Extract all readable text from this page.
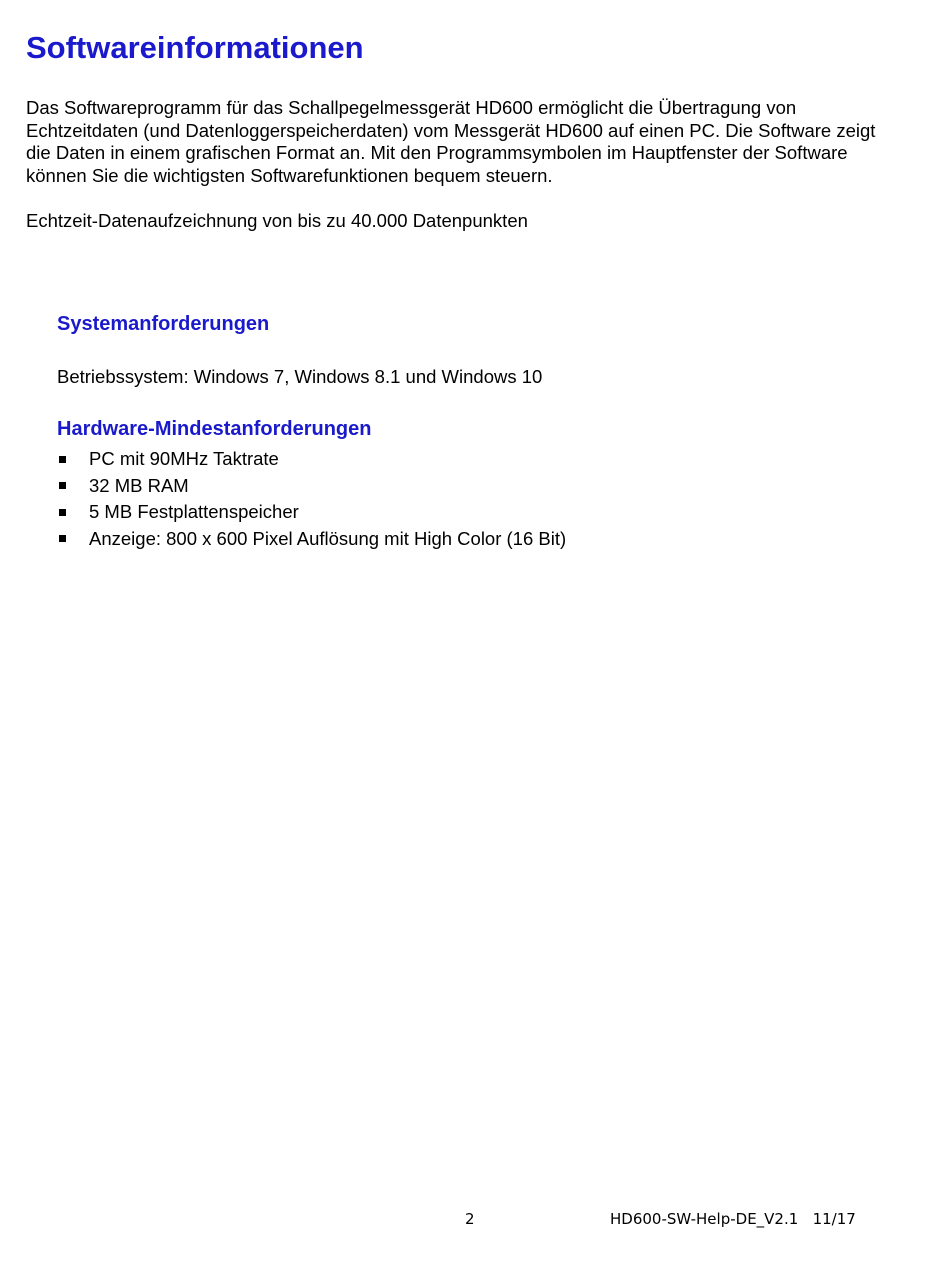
Softwareinformationen

Das Softwareprogramm für das Schallpegelmessgerät HD600 ermöglicht die Übertragung von Echtzeitdaten (und Datenloggerspeicherdaten) vom Messgerät HD600 auf einen PC. Die Software zeigt die Daten in einem grafischen Format an. Mit den Programmsymbolen im Hauptfenster der Software können Sie die wichtigsten Softwarefunktionen bequem steuern.

Echtzeit-Datenaufzeichnung von bis zu 40.000 Datenpunkten

Systemanforderungen

Betriebssystem: Windows 7, Windows 8.1 und Windows 10

Hardware-Mindestanforderungen
PC mit 90MHz Taktrate
32 MB RAM
5 MB Festplattenspeicher
Anzeige: 800 x 600 Pixel Auflösung mit High Color (16 Bit)
2	HD600-SW-Help-DE_V2.1   11/17
